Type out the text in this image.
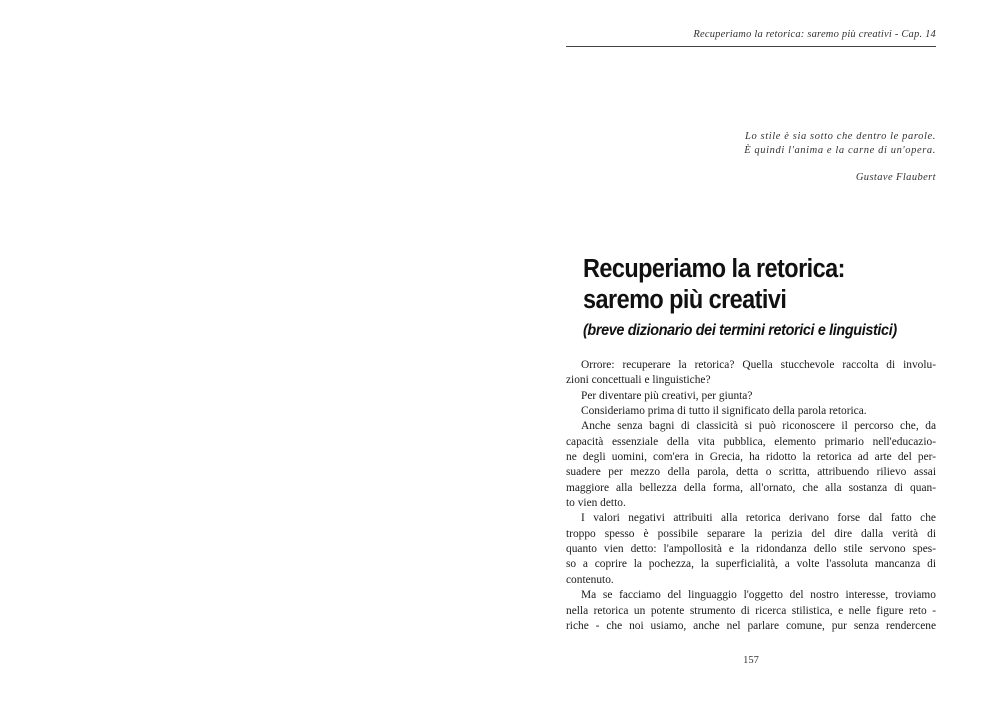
Recuperiamo la retorica: saremo più creativi - Cap. 14
Lo stile è sia sotto che dentro le parole.
È quindi l'anima e la carne di un'opera.
Gustave Flaubert
Recuperiamo la retorica:
saremo più creativi
(breve dizionario dei termini retorici e linguistici)
Orrore: recuperare la retorica? Quella stucchevole raccolta di involu-
zioni concettuali e linguistiche?
Per diventare più creativi, per giunta?
Consideriamo prima di tutto il significato della parola retorica.
Anche senza bagni di classicità si può riconoscere il percorso che, da
capacità essenziale della vita pubblica, elemento primario nell'educazio-
ne degli uomini, com'era in Grecia, ha ridotto la retorica ad arte del per-
suadere per mezzo della parola, detta o scritta, attribuendo rilievo assai
maggiore alla bellezza della forma, all'ornato, che alla sostanza di quan-
to vien detto.
I valori negativi attribuiti alla retorica derivano forse dal fatto che
troppo spesso è possibile separare la perizia del dire dalla verità di
quanto vien detto: l'ampollosità e la ridondanza dello stile servono spes-
so a coprire la pochezza, la superficialità, a volte l'assoluta mancanza di
contenuto.
Ma se facciamo del linguaggio l'oggetto del nostro interesse, troviamo
nella retorica un potente strumento di ricerca stilistica, e nelle figure reto -
riche - che noi usiamo, anche nel parlare comune, pur senza rendercene
157
